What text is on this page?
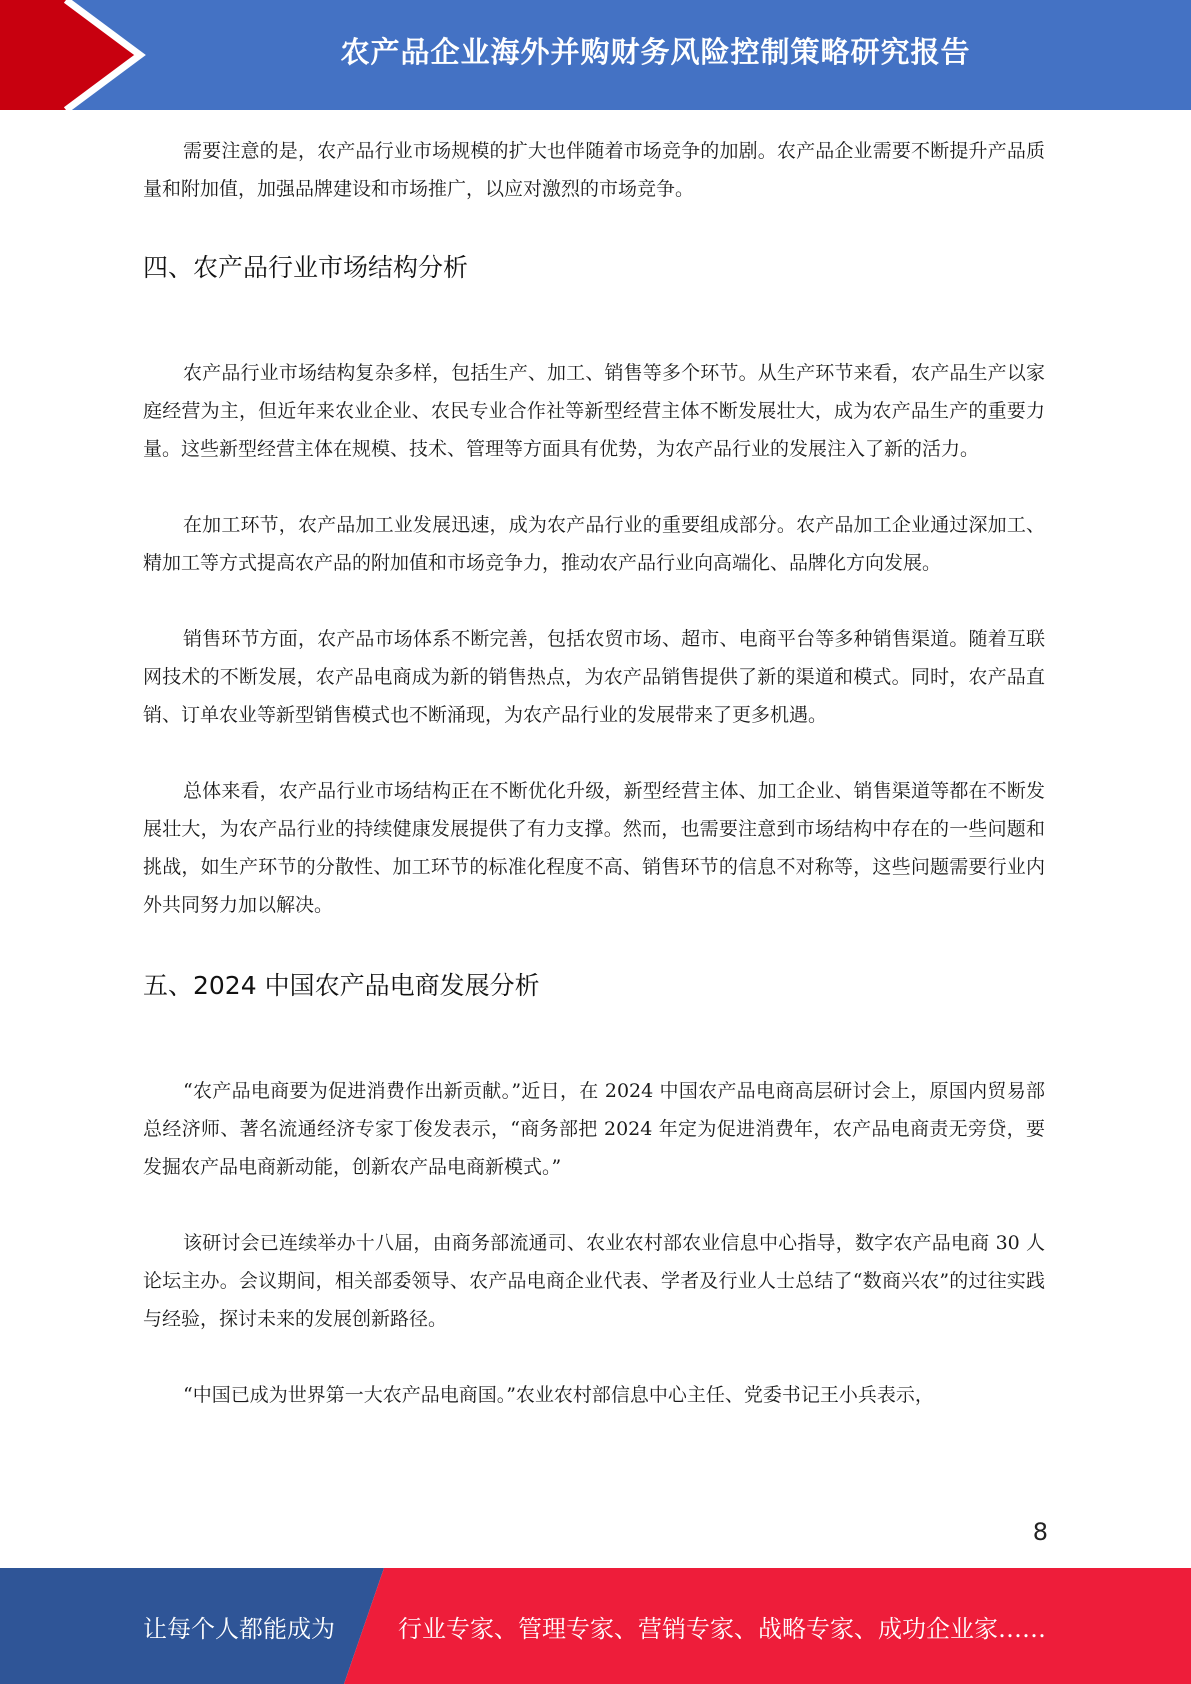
农产品企业海外并购财务风险控制策略研究报告

需要注意的是，农产品行业市场规模的扩大也伴随着市场竞争的加剧。农产品企业需要不断提升产品质量和附加值，加强品牌建设和市场推广，以应对激烈的市场竞争。

四、农产品行业市场结构分析

农产品行业市场结构复杂多样，包括生产、加工、销售等多个环节。从生产环节来看，农产品生产以家庭经营为主，但近年来农业企业、农民专业合作社等新型经营主体不断发展壮大，成为农产品生产的重要力量。这些新型经营主体在规模、技术、管理等方面具有优势，为农产品行业的发展注入了新的活力。

在加工环节，农产品加工业发展迅速，成为农产品行业的重要组成部分。农产品加工企业通过深加工、精加工等方式提高农产品的附加值和市场竞争力，推动农产品行业向高端化、品牌化方向发展。

销售环节方面，农产品市场体系不断完善，包括农贸市场、超市、电商平台等多种销售渠道。随着互联网技术的不断发展，农产品电商成为新的销售热点，为农产品销售提供了新的渠道和模式。同时，农产品直销、订单农业等新型销售模式也不断涌现，为农产品行业的发展带来了更多机遇。

总体来看，农产品行业市场结构正在不断优化升级，新型经营主体、加工企业、销售渠道等都在不断发展壮大，为农产品行业的持续健康发展提供了有力支撑。然而，也需要注意到市场结构中存在的一些问题和挑战，如生产环节的分散性、加工环节的标准化程度不高、销售环节的信息不对称等，这些问题需要行业内外共同努力加以解决。

五、2024 中国农产品电商发展分析

“农产品电商要为促进消费作出新贡献。”近日，在 2024 中国农产品电商高层研讨会上，原国内贸易部总经济师、著名流通经济专家丁俊发表示，“商务部把 2024 年定为促进消费年，农产品电商责无旁贷，要发掘农产品电商新动能，创新农产品电商新模式。”

该研讨会已连续举办十八届，由商务部流通司、农业农村部农业信息中心指导，数字农产品电商 30 人论坛主办。会议期间，相关部委领导、农产品电商企业代表、学者及行业人士总结了“数商兴农”的过往实践与经验，探讨未来的发展创新路径。

“中国已成为世界第一大农产品电商国。”农业农村部信息中心主任、党委书记王小兵表示，

8
让每个人都能成为	行业专家、管理专家、营销专家、战略专家、成功企业家……
